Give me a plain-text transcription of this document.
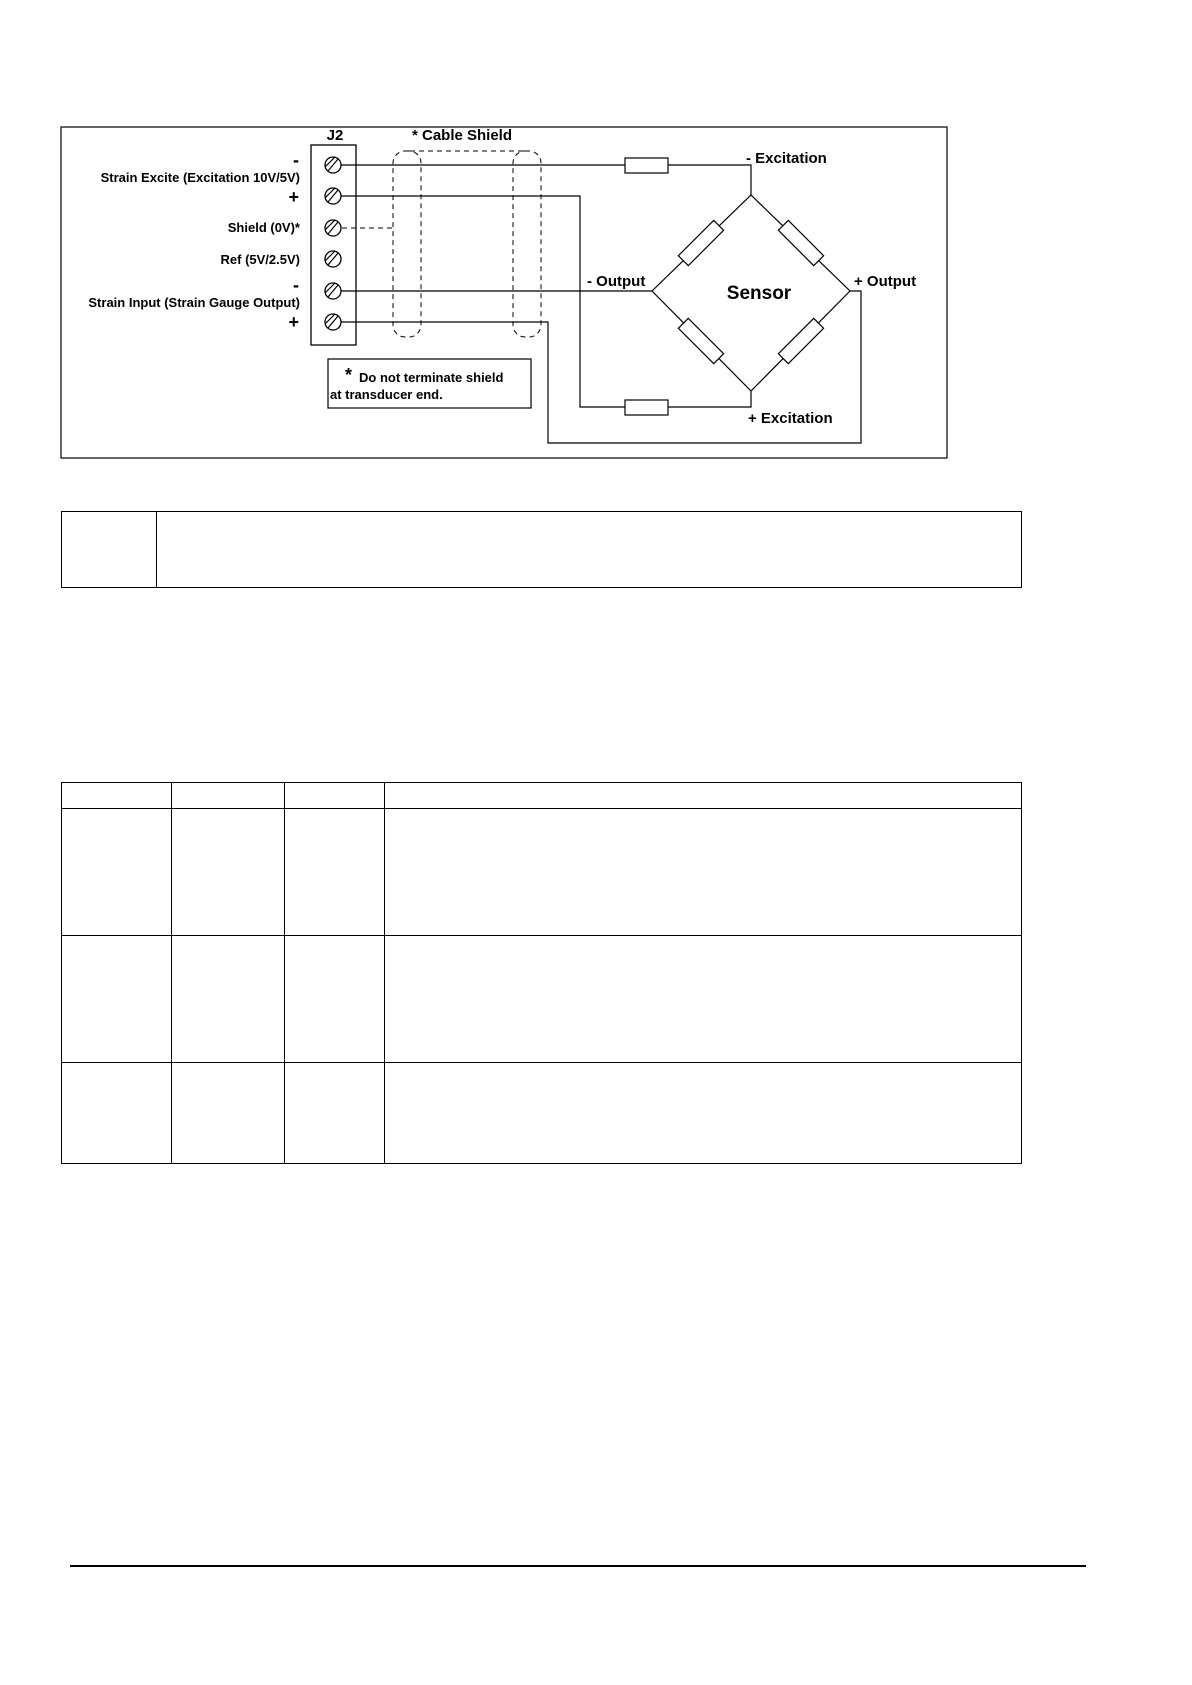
J2
-
Strain Excite (Excitation 10V/5V)
+
Shield (0V)*
Ref (5V/2.5V)
-
Strain Input (Strain Gauge Output)
+
* Cable Shield
Sensor
- Excitation
+ Excitation
- Output	+ Output
* Do not terminate shield
at transducer end.
